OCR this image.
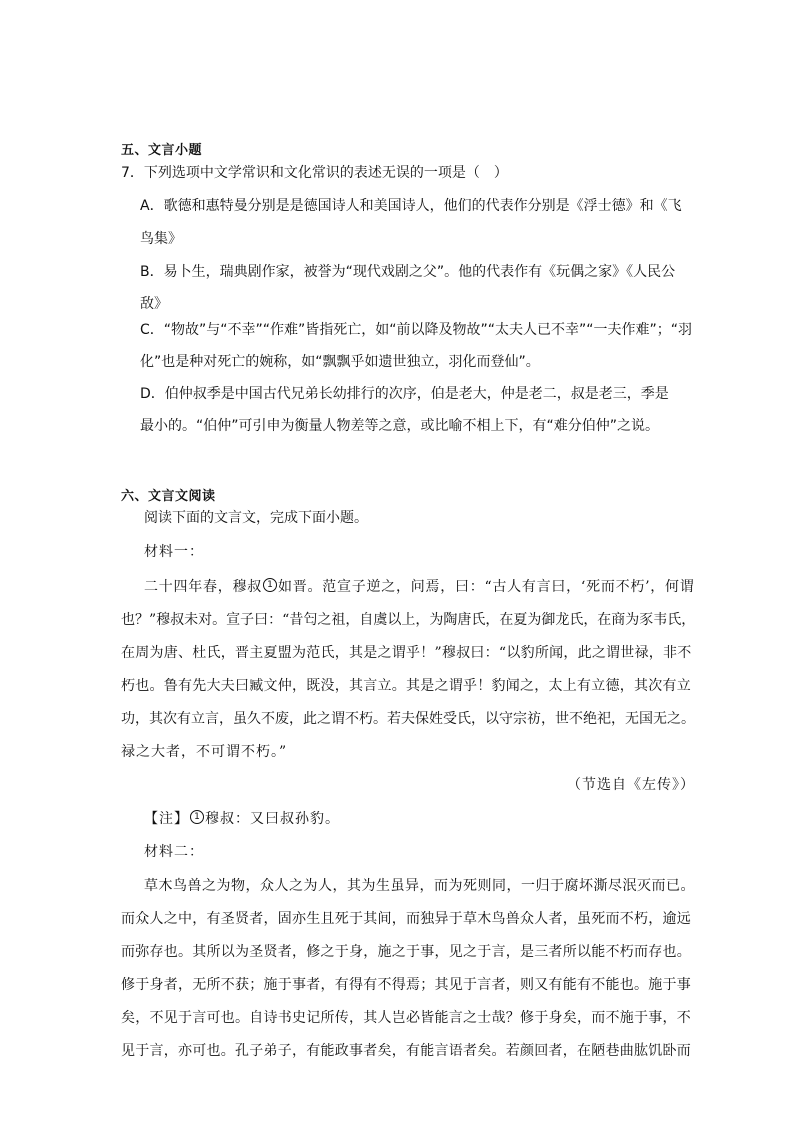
五、文言小题
7．下列选项中文学常识和文化常识的表述无误的一项是（　）
A．歌德和惠特曼分别是是德国诗人和美国诗人，他们的代表作分别是《浮士德》和《飞
鸟集》
B．易卜生，瑞典剧作家，被誉为“现代戏剧之父”。他的代表作有《玩偶之家》《人民公
敌》
C．“物故”与“不幸”“作难”皆指死亡，如“前以降及物故”“太夫人已不幸”“一夫作难”；“羽
化”也是种对死亡的婉称，如“飘飘乎如遗世独立，羽化而登仙”。
D．伯仲叔季是中国古代兄弟长幼排行的次序，伯是老大，仲是老二，叔是老三，季是
最小的。“伯仲”可引申为衡量人物差等之意，或比喻不相上下，有“难分伯仲”之说。
六、文言文阅读
阅读下面的文言文，完成下面小题。
材料一：
二十四年春，穆叔 1 如晋。范宣子逆之，问焉，曰：“古人有言曰，‘死而不朽’，何谓
也？”穆叔未对。宣子曰：“昔匄之祖，自虞以上，为陶唐氏，在夏为御龙氏，在商为豕韦氏，
在周为唐、杜氏，晋主夏盟为范氏，其是之谓乎！”穆叔曰：“以豹所闻，此之谓世禄，非不
朽也。鲁有先大夫曰臧文仲，既没，其言立。其是之谓乎！豹闻之，太上有立德，其次有立
功，其次有立言，虽久不废，此之谓不朽。若夫保姓受氏，以守宗祊，世不绝祀，无国无之。
禄之大者，不可谓不朽。”
（节选自《左传》）
【注】 1 穆叔：又曰叔孙豹。
材料二：
草木鸟兽之为物，众人之为人，其为生虽异，而为死则同，一归于腐坏澌尽泯灭而已。
而众人之中，有圣贤者，固亦生且死于其间，而独异于草木鸟兽众人者，虽死而不朽，逾远
而弥存也。其所以为圣贤者，修之于身，施之于事，见之于言，是三者所以能不朽而存也。
修于身者，无所不获；施于事者，有得有不得焉；其见于言者，则又有能有不能也。施于事
矣，不见于言可也。自诗书史记所传，其人岂必皆能言之士哉？修于身矣，而不施于事，不
见于言，亦可也。孔子弟子，有能政事者矣，有能言语者矣。若颜回者，在陋巷曲肱饥卧而
